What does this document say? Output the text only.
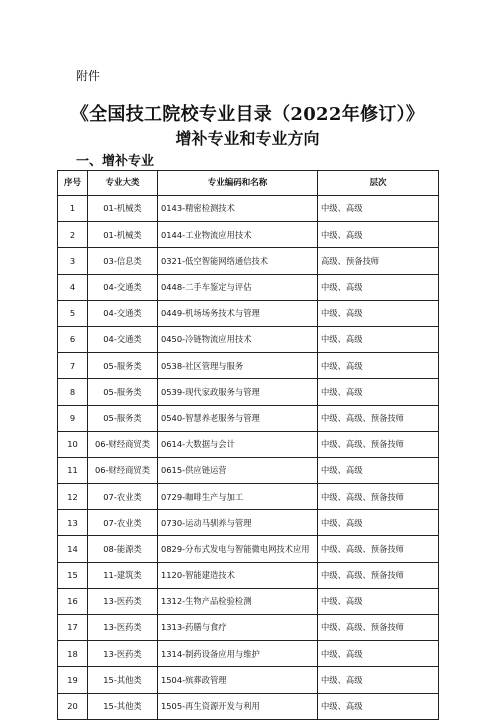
附件
《全国技工院校专业目录（2022年修订）》
增补专业和专业方向
一、增补专业
序号	专业大类	专业编码和名称	层次
1	01-机械类	0143-精密检测技术	中级、高级
2	01-机械类	0144-工业物流应用技术	中级、高级
3	03-信息类	0321-低空智能网络通信技术	高级、预备技师
4	04-交通类	0448-二手车鉴定与评估	中级、高级
5	04-交通类	0449-机场场务技术与管理	中级、高级
6	04-交通类	0450-冷链物流应用技术	中级、高级
7	05-服务类	0538-社区管理与服务	中级、高级
8	05-服务类	0539-现代家政服务与管理	中级、高级
9	05-服务类	0540-智慧养老服务与管理	中级、高级、预备技师
10	06-财经商贸类	0614-大数据与会计	中级、高级、预备技师
11	06-财经商贸类	0615-供应链运营	中级、高级
12	07-农业类	0729-咖啡生产与加工	中级、高级、预备技师
13	07-农业类	0730-运动马驯养与管理	中级、高级
14	08-能源类	0829-分布式发电与智能微电网技术应用	中级、高级、预备技师
15	11-建筑类	1120-智能建造技术	中级、高级、预备技师
16	13-医药类	1312-生物产品检验检测	中级、高级
17	13-医药类	1313-药膳与食疗	中级、高级、预备技师
18	13-医药类	1314-制药设备应用与维护	中级、高级
19	15-其他类	1504-殡葬政管理	中级、高级
20	15-其他类	1505-再生资源开发与利用	中级、高级
